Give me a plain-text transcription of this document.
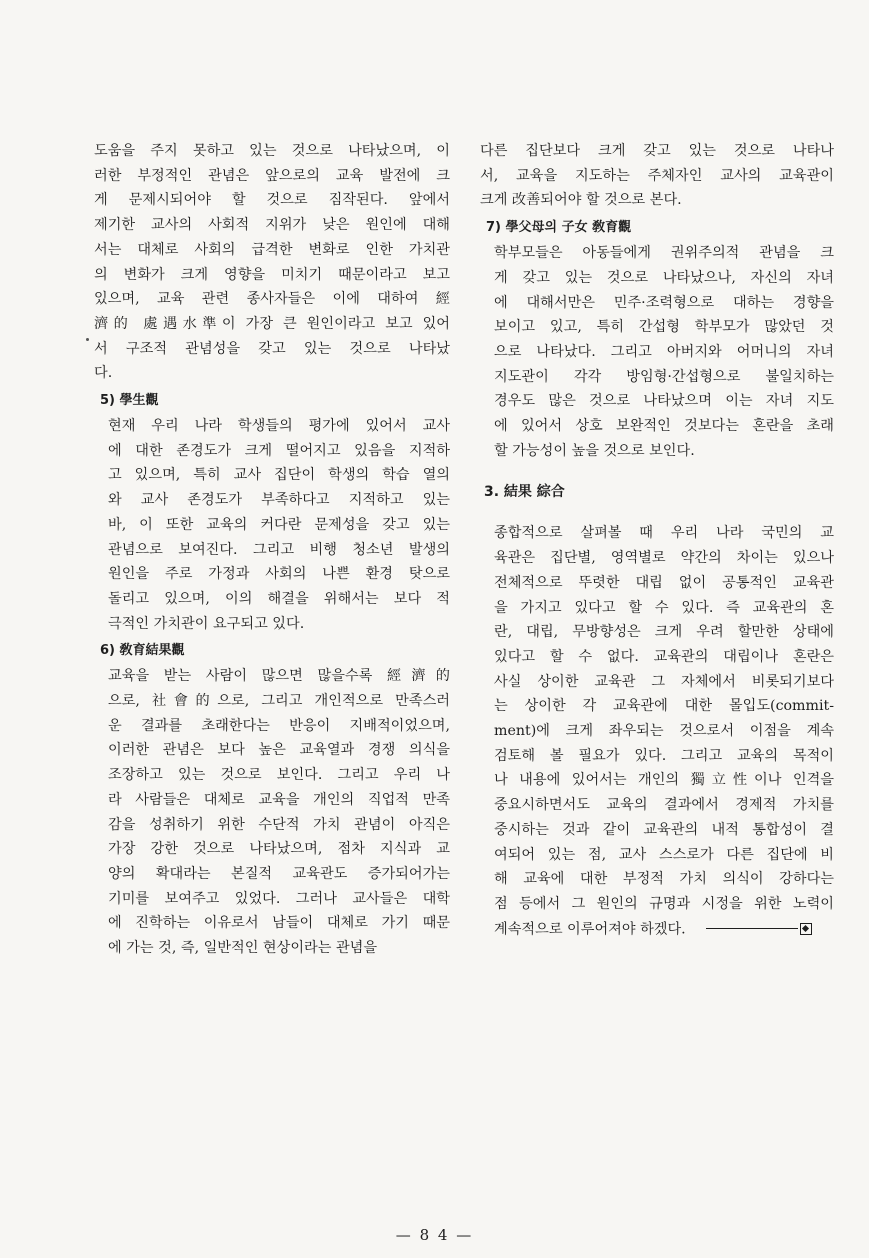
도움을 주지 못하고 있는 것으로 나타났으며, 이
러한 부정적인 관념은 앞으로의 교육 발전에 크
게 문제시되어야 할 것으로 짐작된다. 앞에서
제기한 교사의 사회적 지위가 낮은 원인에 대해
서는 대체로 사회의 급격한 변화로 인한 가치관
의 변화가 크게 영향을 미치기 때문이라고 보고
있으며, 교육 관련 종사자들은 이에 대하여 經
濟的 處遇水準이 가장 큰 원인이라고 보고 있어
서 구조적 관념성을 갖고 있는 것으로 나타났
다.
5) 學生觀
현재 우리 나라 학생들의 평가에 있어서 교사
에 대한 존경도가 크게 떨어지고 있음을 지적하
고 있으며, 특히 교사 집단이 학생의 학습 열의
와 교사 존경도가 부족하다고 지적하고 있는
바, 이 또한 교육의 커다란 문제성을 갖고 있는
관념으로 보여진다. 그리고 비행 청소년 발생의
원인을 주로 가정과 사회의 나쁜 환경 탓으로
돌리고 있으며, 이의 해결을 위해서는 보다 적
극적인 가치관이 요구되고 있다.
6) 敎育結果觀
교육을 받는 사람이 많으면 많을수록 經濟的
으로, 社會的으로, 그리고 개인적으로 만족스러
운 결과를 초래한다는 반응이 지배적이었으며,
이러한 관념은 보다 높은 교육열과 경쟁 의식을
조장하고 있는 것으로 보인다. 그리고 우리 나
라 사람들은 대체로 교육을 개인의 직업적 만족
감을 성취하기 위한 수단적 가치 관념이 아직은
가장 강한 것으로 나타났으며, 점차 지식과 교
양의 확대라는 본질적 교육관도 증가되어가는
기미를 보여주고 있었다. 그러나 교사들은 대학
에 진학하는 이유로서 남들이 대체로 가기 때문
에 가는 것, 즉, 일반적인 현상이라는 관념을
다른 집단보다 크게 갖고 있는 것으로 나타나
서, 교육을 지도하는 주체자인 교사의 교육관이
크게 改善되어야 할 것으로 본다.
7) 學父母의 子女 敎育觀
학부모들은 아동들에게 권위주의적 관념을 크
게 갖고 있는 것으로 나타났으나, 자신의 자녀
에 대해서만은 민주·조력형으로 대하는 경향을
보이고 있고, 특히 간섭형 학부모가 많았던 것
으로 나타났다. 그리고 아버지와 어머니의 자녀
지도관이 각각 방임형·간섭형으로 불일치하는
경우도 많은 것으로 나타났으며 이는 자녀 지도
에 있어서 상호 보완적인 것보다는 혼란을 초래
할 가능성이 높을 것으로 보인다.
3. 結果 綜合
종합적으로 살펴볼 때 우리 나라 국민의 교
육관은 집단별, 영역별로 약간의 차이는 있으나
전체적으로 뚜렷한 대립 없이 공통적인 교육관
을 가지고 있다고 할 수 있다. 즉 교육관의 혼
란, 대립, 무방향성은 크게 우려 할만한 상태에
있다고 할 수 없다. 교육관의 대립이나 혼란은
사실 상이한 교육관 그 자체에서 비롯되기보다
는 상이한 각 교육관에 대한 몰입도(commit-
ment)에 크게 좌우되는 것으로서 이점을 계속
검토해 볼 필요가 있다. 그리고 교육의 목적이
나 내용에 있어서는 개인의 獨立性이나 인격을
중요시하면서도 교육의 결과에서 경제적 가치를
중시하는 것과 같이 교육관의 내적 통합성이 결
여되어 있는 점, 교사 스스로가 다른 집단에 비
해 교육에 대한 부정적 가치 의식이 강하다는
점 등에서 그 원인의 규명과 시정을 위한 노력이
계속적으로 이루어져야 하겠다.
— 8 4 —
